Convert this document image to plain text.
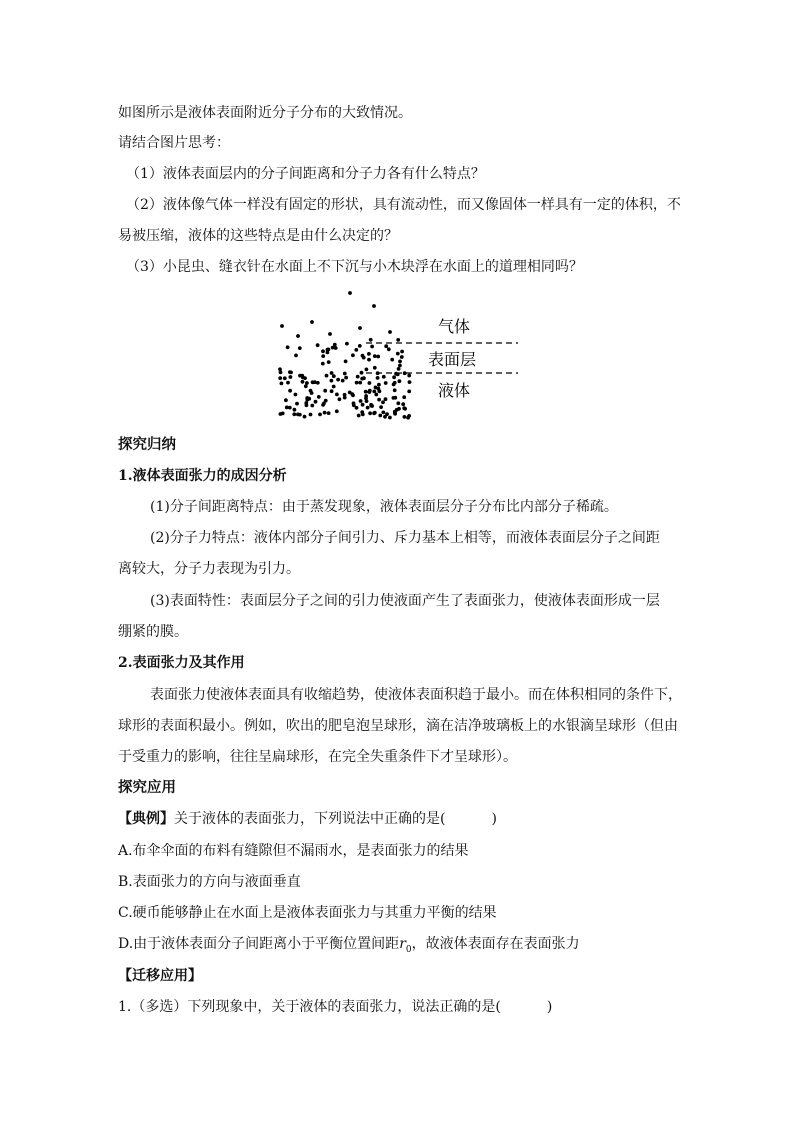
如图所示是液体表面附近分子分布的大致情况。
请结合图片思考：
（1）液体表面层内的分子间距离和分子力各有什么特点？
（2）液体像气体一样没有固定的形状，具有流动性，而又像固体一样具有一定的体积，不
易被压缩，液体的这些特点是由什么决定的？
（3）小昆虫、缝衣针在水面上不下沉与小木块浮在水面上的道理相同吗？
气体
表面层
液体
探究归纳
1.液体表面张力的成因分析
(1)分子间距离特点：由于蒸发现象，液体表面层分子分布比内部分子稀疏。
(2)分子力特点：液体内部分子间引力、斥力基本上相等，而液体表面层分子之间距
离较大，分子力表现为引力。
(3)表面特性：表面层分子之间的引力使液面产生了表面张力，使液体表面形成一层
绷紧的膜。
2.表面张力及其作用
表面张力使液体表面具有收缩趋势，使液体表面积趋于最小。而在体积相同的条件下，
球形的表面积最小。例如，吹出的肥皂泡呈球形，滴在洁净玻璃板上的水银滴呈球形（但由
于受重力的影响，往往呈扁球形，在完全失重条件下才呈球形）。
探究应用
【典例】关于液体的表面张力，下列说法中正确的是(	)
A.布伞伞面的布料有缝隙但不漏雨水，是表面张力的结果
B.表面张力的方向与液面垂直
C.硬币能够静止在水面上是液体表面张力与其重力平衡的结果
D.由于液体表面分子间距离小于平衡位置间距$r_0$，故液体表面存在表面张力
【迁移应用】
1.（多选）下列现象中，关于液体的表面张力，说法正确的是(	)
